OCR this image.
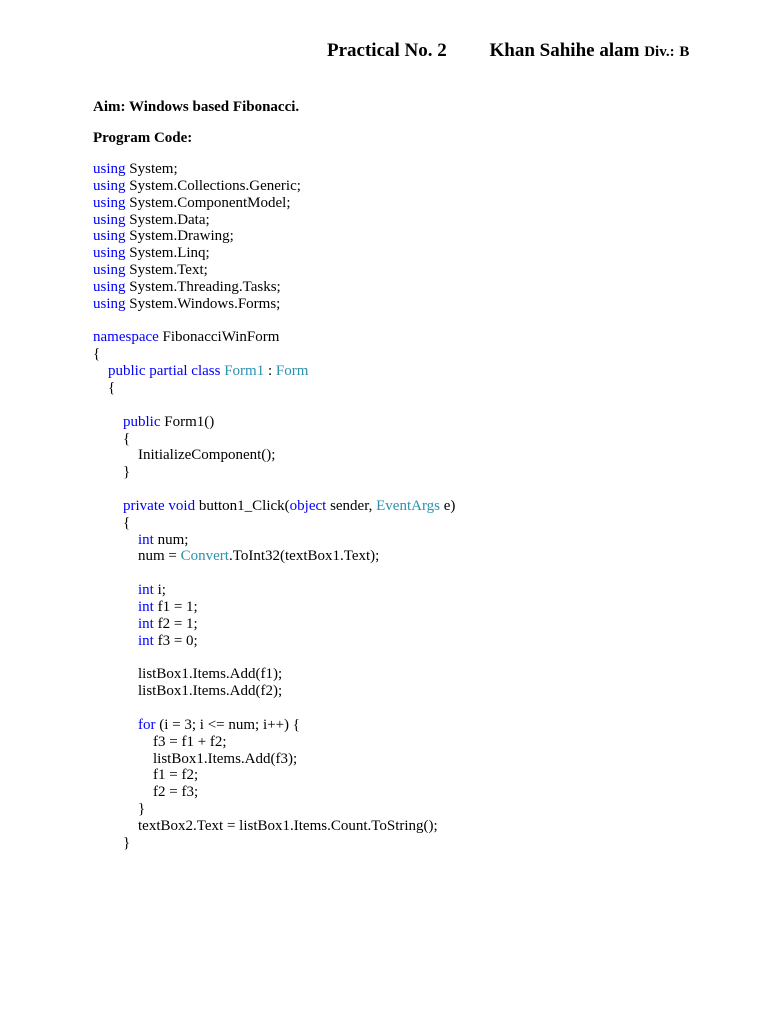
Practical No. 2 Khan Sahihe alam Div.: B
Aim: Windows based Fibonacci.
Program Code:
using System;
using System.Collections.Generic;
using System.ComponentModel;
using System.Data;
using System.Drawing;
using System.Linq;
using System.Text;
using System.Threading.Tasks;
using System.Windows.Forms;
namespace FibonacciWinForm
{
public partial class Form1 : Form
{
public Form1()
{
InitializeComponent();
}
private void button1_Click(object sender, EventArgs e)
{
int num;
num = Convert.ToInt32(textBox1.Text);
int i;
int f1 = 1;
int f2 = 1;
int f3 = 0;
listBox1.Items.Add(f1);
listBox1.Items.Add(f2);
for (i = 3; i <= num; i++) {
f3 = f1 + f2;
listBox1.Items.Add(f3);
f1 = f2;
f2 = f3;
}
textBox2.Text = listBox1.Items.Count.ToString();
}
